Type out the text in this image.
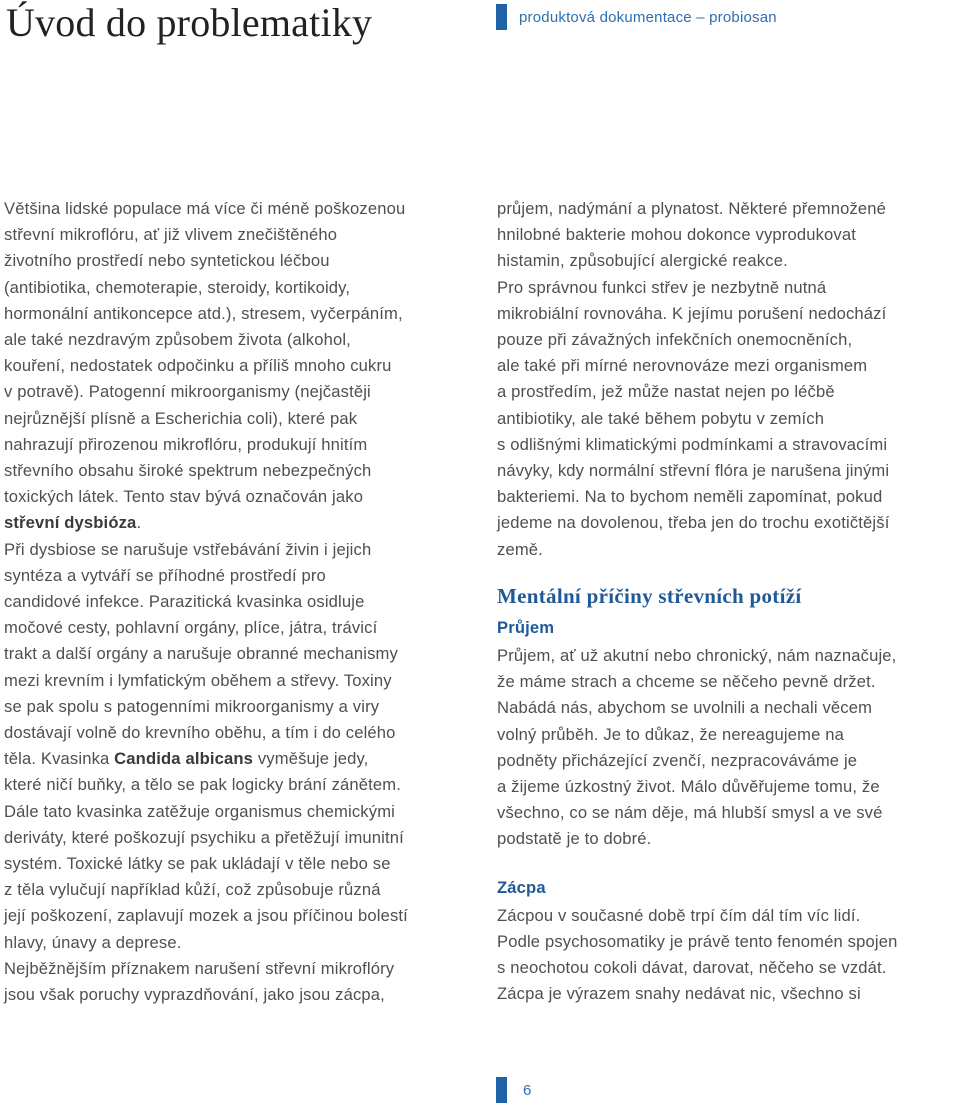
Úvod do problematiky	produktová dokumentace – probiosan
Většina lidské populace má více či méně poškozenou
střevní mikroflóru, ať již vlivem znečištěného
životního prostředí nebo syntetickou léčbou
(antibiotika, chemoterapie, steroidy, kortikoidy,
hormonální antikoncepce atd.), stresem, vyčerpáním,
ale také nezdravým způsobem života (alkohol,
kouření, nedostatek odpočinku a příliš mnoho cukru
v potravě). Patogenní mikroorganismy (nejčastěji
nejrůznější plísně a Escherichia coli), které pak
nahrazují přirozenou mikroflóru, produkují hnitím
střevního obsahu široké spektrum nebezpečných
toxických látek. Tento stav bývá označován jako
střevní dysbióza.
Při dysbiose se narušuje vstřebávání živin i jejich
syntéza a vytváří se příhodné prostředí pro
candidové infekce. Parazitická kvasinka osidluje
močové cesty, pohlavní orgány, plíce, játra, trávicí
trakt a další orgány a narušuje obranné mechanismy
mezi krevním i lymfatickým oběhem a střevy. Toxiny
se pak spolu s patogenními mikroorganismy a viry
dostávají volně do krevního oběhu, a tím i do celého
těla. Kvasinka Candida albicans vyměšuje jedy,
které ničí buňky, a tělo se pak logicky brání zánětem.
Dále tato kvasinka zatěžuje organismus chemickými
deriváty, které poškozují psychiku a přetěžují imunitní
systém. Toxické látky se pak ukládají v těle nebo se
z těla vylučují například kůží, což způsobuje různá
její poškození, zaplavují mozek a jsou příčinou bolestí
hlavy, únavy a deprese.
Nejběžnějším příznakem narušení střevní mikroflóry
jsou však poruchy vyprazdňování, jako jsou zácpa,
průjem, nadýmání a plynatost. Některé přemnožené
hnilobné bakterie mohou dokonce vyprodukovat
histamin, způsobující alergické reakce.
Pro správnou funkci střev je nezbytně nutná
mikrobiální rovnováha. K jejímu porušení nedochází
pouze při závažných infekčních onemocněních,
ale také při mírné nerovnováze mezi organismem
a prostředím, jež může nastat nejen po léčbě
antibiotiky, ale také během pobytu v zemích
s odlišnými klimatickými podmínkami a stravovacími
návyky, kdy normální střevní flóra je narušena jinými
bakteriemi. Na to bychom neměli zapomínat, pokud
jedeme na dovolenou, třeba jen do trochu exotičtější
země.
Mentální příčiny střevních potíží
Průjem
Průjem, ať už akutní nebo chronický, nám naznačuje,
že máme strach a chceme se něčeho pevně držet.
Nabádá nás, abychom se uvolnili a nechali věcem
volný průběh. Je to důkaz, že nereagujeme na
podněty přicházející zvenčí, nezpracováváme je
a žijeme úzkostný život. Málo důvěřujeme tomu, že
všechno, co se nám děje, má hlubší smysl a ve své
podstatě je to dobré.
Zácpa
Zácpou v současné době trpí čím dál tím víc lidí.
Podle psychosomatiky je právě tento fenomén spojen
s neochotou cokoli dávat, darovat, něčeho se vzdát.
Zácpa je výrazem snahy nedávat nic, všechno si
6
